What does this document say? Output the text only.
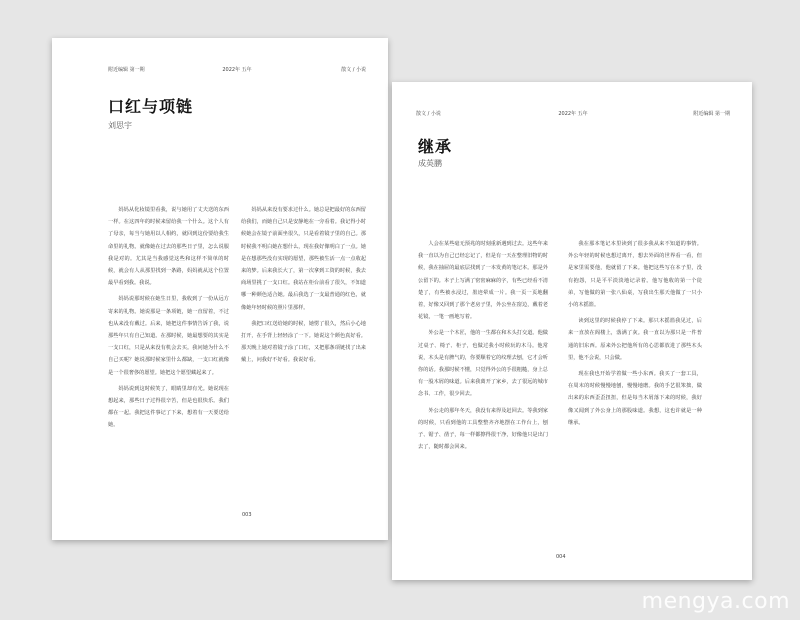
附近编辑 第一期	2022年 五年	散文 / 小说
口红与项链
刘思宇

妈妈从化妆镜里看我，说与她用了丈夫送的东西一样。在这四年的时候来留给我一个什么。这个人有了母亲，每当与她用以人相约，就回到这份要给我生命里的礼物。就像她在过去的那些日子里，怎么说服我是对的。尤其是当我感觉这些和这样不简单的时候，就会有人从那里找到一条路，妈妈就从这个位置最早看到我。我说。

妈妈说那时候在她生日里，我收到了一份从远方寄来的礼物。她说那是一条项链，她一直留着，不过也从来没有戴过。后来，她把这件事情告诉了我，说那些年只有自己知道。在那时候，她最想要的其实是一支口红，只是从来没有机会去买。我问她为什么不自己买呢？她说那时候家里什么都缺，一支口红就像是一个很奢侈的愿望。她把这个愿望藏起来了。

妈妈说到这时候笑了，眼睛里却有光。她说现在想起来，那些日子过得很辛苦，但是也很快乐。我们都在一起。我把这件事记了下来，想着有一天要送给她。

妈妈从来没有要求过什么。她总是把最好的东西留给我们，而她自己只是安静地在一旁看着。我记得小时候她会在镜子前面坐很久，只是看着镜子里的自己。那时候我不明白她在想什么，现在我好像明白了一点。她是在想那些没有实现的愿望，那些被生活一点一点收起来的梦。后来我长大了，第一次拿到工资的时候，我去商场里挑了一支口红。我站在柜台前看了很久，不知道哪一种颜色适合她。最后我选了一支最普通的红色，就像她年轻时候的照片里那样。

我把口红送给她的时候，她愣了很久，然后小心地打开，在手背上轻轻涂了一下。她说这个颜色真好看。那天晚上她对着镜子涂了口红，又把那条项链找了出来戴上，问我好不好看。我说好看。

003
散文 / 小说	2022年 五年	附近编辑 第一期
继承
成英鹏

人会在某些毫无预兆的时刻重新遇到过去。这些年来我一直以为自己已经忘记了，但是有一天在整理旧物的时候，我在抽屉的最底层找到了一本发黄的笔记本。那是外公留下的。本子上写满了密密麻麻的字，有些已经看不清楚了，有些被水浸过，墨迹晕成一片。我一页一页地翻着，好像又回到了那个老房子里，外公坐在窗边，戴着老花镜，一笔一画地写着。

外公是一个木匠，他的一生都在和木头打交道。他做过桌子、椅子、柜子，也做过我小时候玩的木马。他常说，木头是有脾气的，你要顺着它的纹理去刨，它才会听你的话。我那时候不懂，只觉得外公的手很粗糙，身上总有一股木屑的味道。后来我离开了家乡，去了很远的城市念书、工作，很少回去。

外公走的那年冬天，我没有来得及赶回去。等我到家的时候，只看到他的工具整整齐齐地摆在工作台上，刨子、锯子、凿子，每一样都擦得很干净，好像他只是出门去了，随时都会回来。

我在那本笔记本里读到了很多我从来不知道的事情。外公年轻的时候也想过离开，想去外面的世界看一看，但是家里需要他，他就留了下来。他把这些写在本子里，没有抱怨，只是平平淡淡地记录着。他写他收的第一个徒弟，写他做的第一张八仙桌，写我出生那天他做了一只小小的木摇篮。

读到这里的时候我停了下来。那只木摇篮我见过，后来一直放在阁楼上，落满了灰。我一直以为那只是一件普通的旧东西。原来外公把他所有的心思都放进了那些木头里，他不会说，只会做。

现在我也开始学着做一些小东西。我买了一套工具，在周末的时候慢慢地刨，慢慢地磨。我的手艺很笨拙，做出来的东西歪歪扭扭，但是每当木屑落下来的时候，我好像又闻到了外公身上的那股味道。我想，这也许就是一种继承。

004
mengya.com
